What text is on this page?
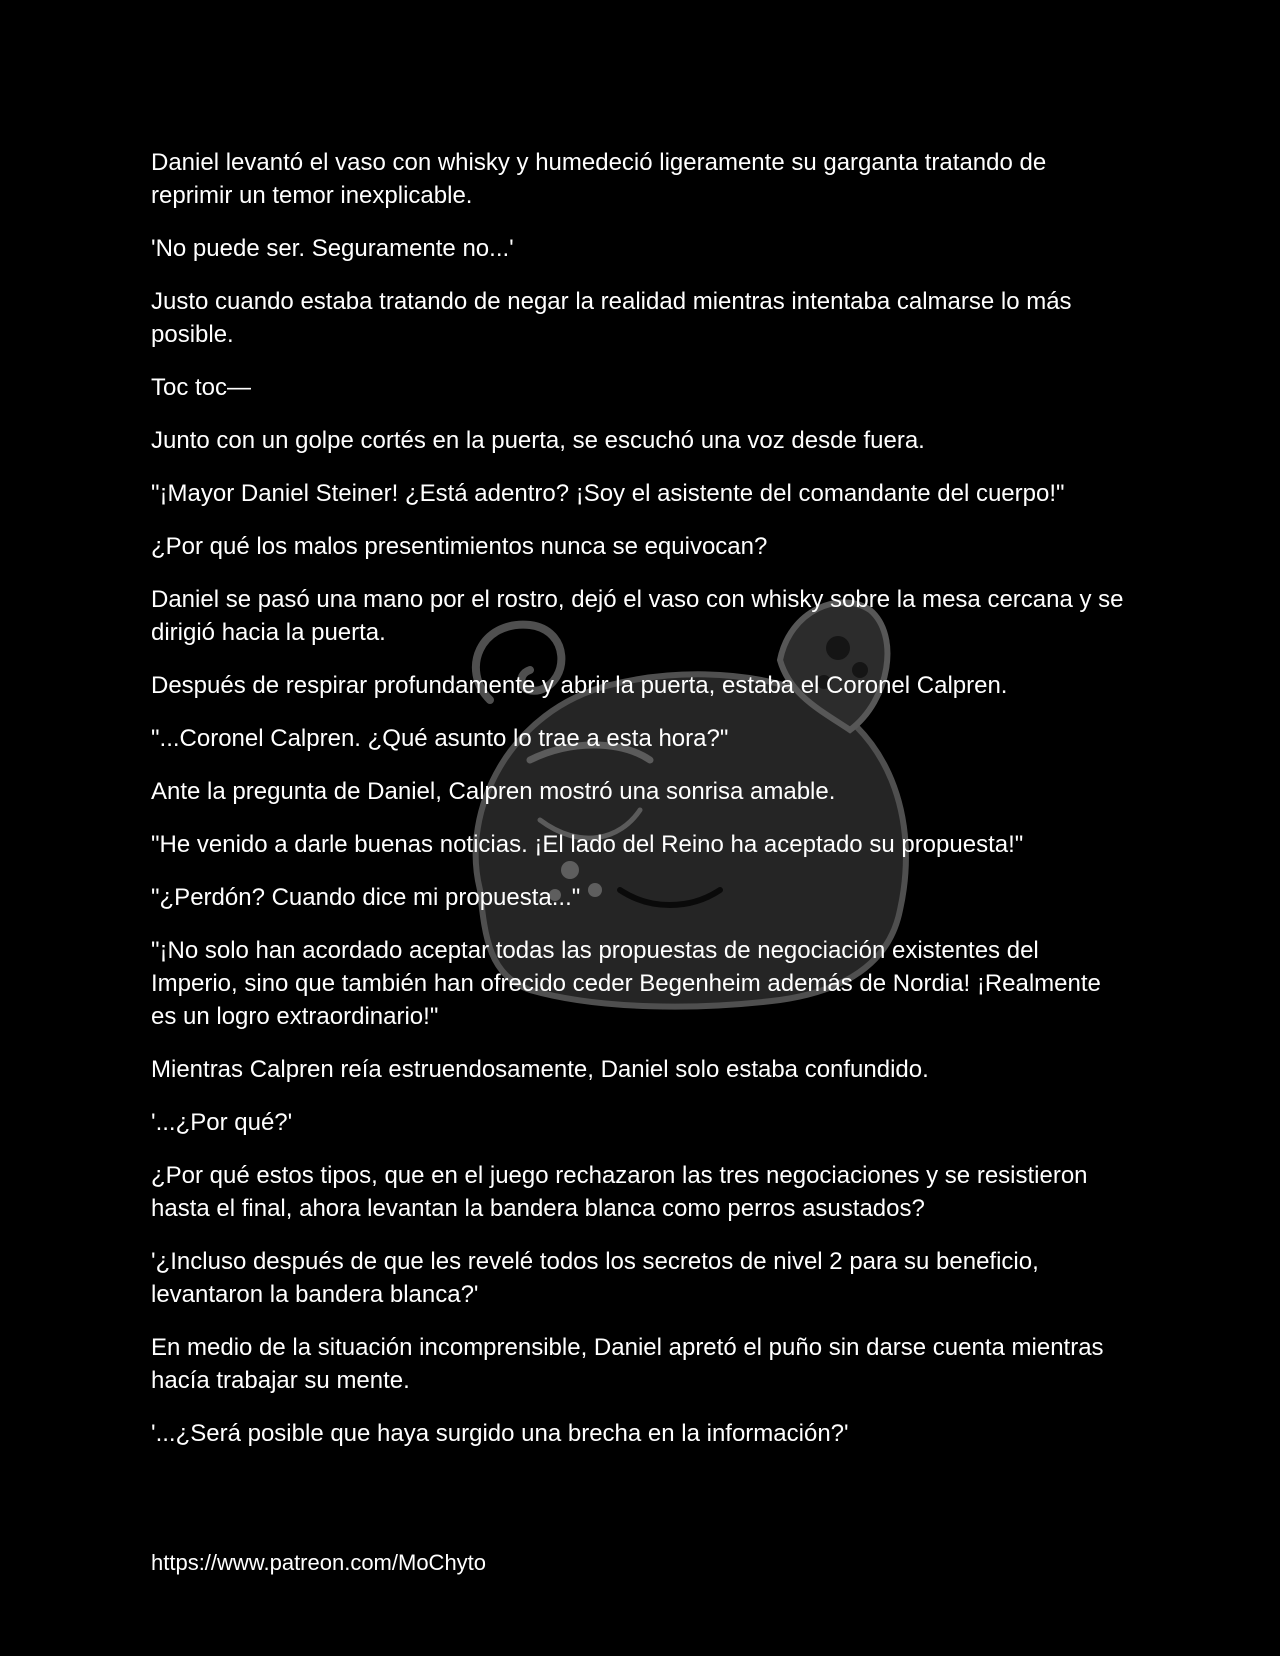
Daniel levantó el vaso con whisky y humedeció ligeramente su garganta tratando de reprimir un temor inexplicable.

'No puede ser. Seguramente no...'

Justo cuando estaba tratando de negar la realidad mientras intentaba calmarse lo más posible.

Toc toc—

Junto con un golpe cortés en la puerta, se escuchó una voz desde fuera.

"¡Mayor Daniel Steiner! ¿Está adentro? ¡Soy el asistente del comandante del cuerpo!"

¿Por qué los malos presentimientos nunca se equivocan?

Daniel se pasó una mano por el rostro, dejó el vaso con whisky sobre la mesa cercana y se dirigió hacia la puerta.

Después de respirar profundamente y abrir la puerta, estaba el Coronel Calpren.

"...Coronel Calpren. ¿Qué asunto lo trae a esta hora?"

Ante la pregunta de Daniel, Calpren mostró una sonrisa amable.

"He venido a darle buenas noticias. ¡El lado del Reino ha aceptado su propuesta!"

"¿Perdón? Cuando dice mi propuesta..."

"¡No solo han acordado aceptar todas las propuestas de negociación existentes del Imperio, sino que también han ofrecido ceder Begenheim además de Nordia! ¡Realmente es un logro extraordinario!"

Mientras Calpren reía estruendosamente, Daniel solo estaba confundido.

'...¿Por qué?'

¿Por qué estos tipos, que en el juego rechazaron las tres negociaciones y se resistieron hasta el final, ahora levantan la bandera blanca como perros asustados?

'¿Incluso después de que les revelé todos los secretos de nivel 2 para su beneficio, levantaron la bandera blanca?'

En medio de la situación incomprensible, Daniel apretó el puño sin darse cuenta mientras hacía trabajar su mente.

'...¿Será posible que haya surgido una brecha en la información?'

https://www.patreon.com/MoChyto
